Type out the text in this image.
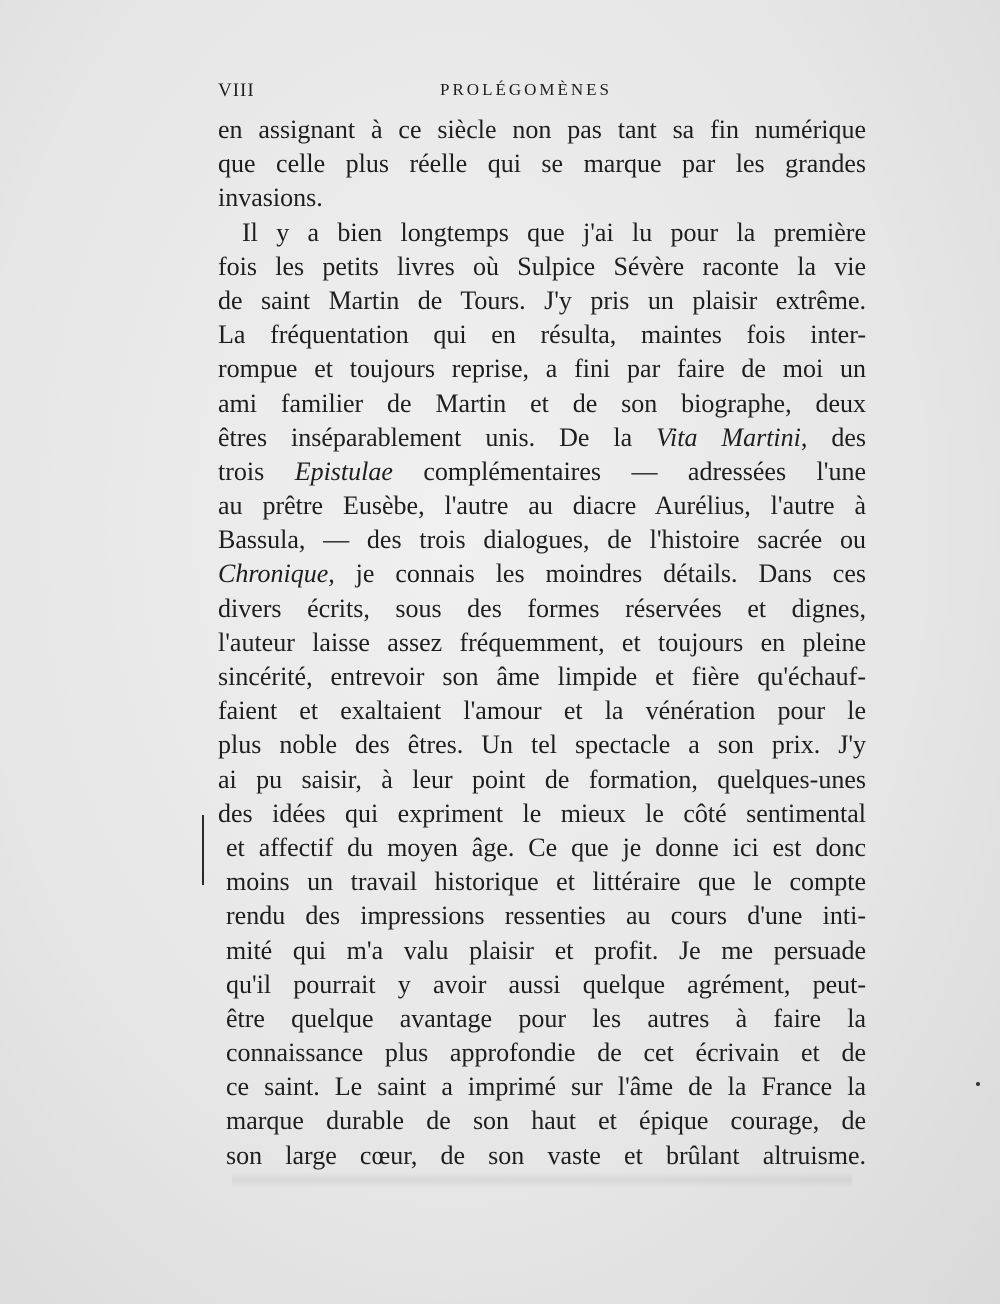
VIII	PROLÉGOMÈNES
en assignant à ce siècle non pas tant sa fin numérique
que celle plus réelle qui se marque par les grandes
invasions.
Il y a bien longtemps que j'ai lu pour la première
fois les petits livres où Sulpice Sévère raconte la vie
de saint Martin de Tours. J'y pris un plaisir extrême.
La fréquentation qui en résulta, maintes fois inter-
rompue et toujours reprise, a fini par faire de moi un
ami familier de Martin et de son biographe, deux
êtres inséparablement unis. De la Vita Martini, des
trois Epistulae complémentaires — adressées l'une
au prêtre Eusèbe, l'autre au diacre Aurélius, l'autre à
Bassula, — des trois dialogues, de l'histoire sacrée ou
Chronique, je connais les moindres détails. Dans ces
divers écrits, sous des formes réservées et dignes,
l'auteur laisse assez fréquemment, et toujours en pleine
sincérité, entrevoir son âme limpide et fière qu'échauf-
faient et exaltaient l'amour et la vénération pour le
plus noble des êtres. Un tel spectacle a son prix. J'y
ai pu saisir, à leur point de formation, quelques-unes
des idées qui expriment le mieux le côté sentimental
et affectif du moyen âge. Ce que je donne ici est donc
moins un travail historique et littéraire que le compte
rendu des impressions ressenties au cours d'une inti-
mité qui m'a valu plaisir et profit. Je me persuade
qu'il pourrait y avoir aussi quelque agrément, peut-
être quelque avantage pour les autres à faire la
connaissance plus approfondie de cet écrivain et de
ce saint. Le saint a imprimé sur l'âme de la France la
marque durable de son haut et épique courage, de
son large cœur, de son vaste et brûlant altruisme.
